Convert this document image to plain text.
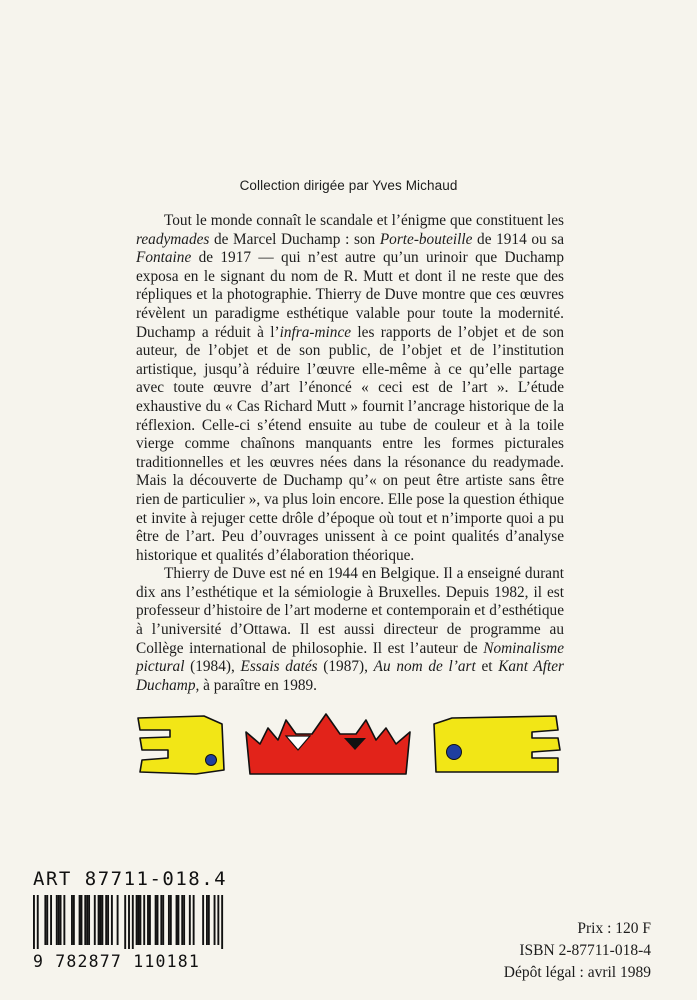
Collection dirigée par Yves Michaud

Tout le monde connaît le scandale et l’énigme que constituent les readymades de Marcel Duchamp : son Porte-bouteille de 1914 ou sa Fontaine de 1917 — qui n’est autre qu’un urinoir que Duchamp exposa en le signant du nom de R. Mutt et dont il ne reste que des répliques et la photographie. Thierry de Duve montre que ces œuvres révèlent un paradigme esthétique valable pour toute la modernité. Duchamp a réduit à l’infra-mince les rapports de l’objet et de son auteur, de l’objet et de son public, de l’objet et de l’institution artistique, jusqu’à réduire l’œuvre elle-même à ce qu’elle partage avec toute œuvre d’art l’énoncé « ceci est de l’art ». L’étude exhaustive du « Cas Richard Mutt » fournit l’ancrage historique de la réflexion. Celle-ci s’étend ensuite au tube de couleur et à la toile vierge comme chaînons manquants entre les formes picturales traditionnelles et les œuvres nées dans la résonance du readymade. Mais la découverte de Duchamp qu’« on peut être artiste sans être rien de particulier », va plus loin encore. Elle pose la question éthique et invite à rejuger cette drôle d’époque où tout et n’importe quoi a pu être de l’art. Peu d’ouvrages unissent à ce point qualités d’analyse historique et qualités d’élaboration théorique.

Thierry de Duve est né en 1944 en Belgique. Il a enseigné durant dix ans l’esthétique et la sémiologie à Bruxelles. Depuis 1982, il est professeur d’histoire de l’art moderne et contemporain et d’esthétique à l’université d’Ottawa. Il est aussi directeur de programme au Collège international de philosophie. Il est l’auteur de Nominalisme pictural (1984), Essais datés (1987), Au nom de l’art et Kant After Duchamp, à paraître en 1989.

ART 87711-018.4
9 782877 110181
Prix : 120 F
ISBN 2-87711-018-4
Dépôt légal : avril 1989
